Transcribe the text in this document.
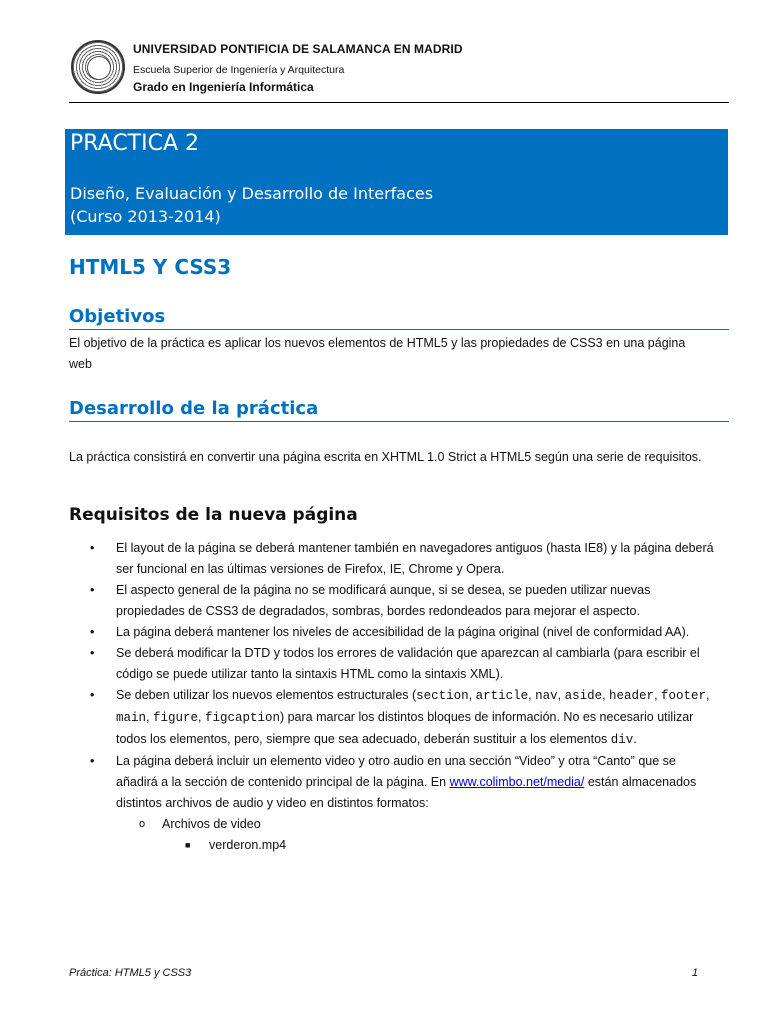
UNIVERSIDAD PONTIFICIA DE SALAMANCA EN MADRID
Escuela Superior de Ingeniería y Arquitectura
Grado en Ingeniería Informática
PRACTICA 2
Diseño, Evaluación y Desarrollo de Interfaces
(Curso 2013-2014)
HTML5 Y CSS3
Objetivos
El objetivo de la práctica es aplicar los nuevos elementos de HTML5 y las propiedades de CSS3 en una página web
Desarrollo de la práctica
La práctica consistirá en convertir una página escrita en XHTML 1.0 Strict a HTML5 según una serie de requisitos.
Requisitos de la nueva página
• El layout de la página se deberá mantener también en navegadores antiguos (hasta IE8) y la página deberá ser funcional en las últimas versiones de Firefox, IE, Chrome y Opera.
• El aspecto general de la página no se modificará aunque, si se desea, se pueden utilizar nuevas propiedades de CSS3 de degradados, sombras, bordes redondeados para mejorar el aspecto.
• La página deberá mantener los niveles de accesibilidad de la página original (nivel de conformidad AA).
• Se deberá modificar la DTD y todos los errores de validación que aparezcan al cambiarla (para escribir el código se puede utilizar tanto la sintaxis HTML como la sintaxis XML).
• Se deben utilizar los nuevos elementos estructurales (section, article, nav, aside, header, footer, main, figure, figcaption) para marcar los distintos bloques de información. No es necesario utilizar todos los elementos, pero, siempre que sea adecuado, deberán sustituir a los elementos div.
• La página deberá incluir un elemento video y otro audio en una sección “Video” y otra “Canto” que se añadirá a la sección de contenido principal de la página. En www.colimbo.net/media/ están almacenados distintos archivos de audio y video en distintos formatos:
o Archivos de video
■ verderon.mp4
Práctica: HTML5 y CSS3	1
